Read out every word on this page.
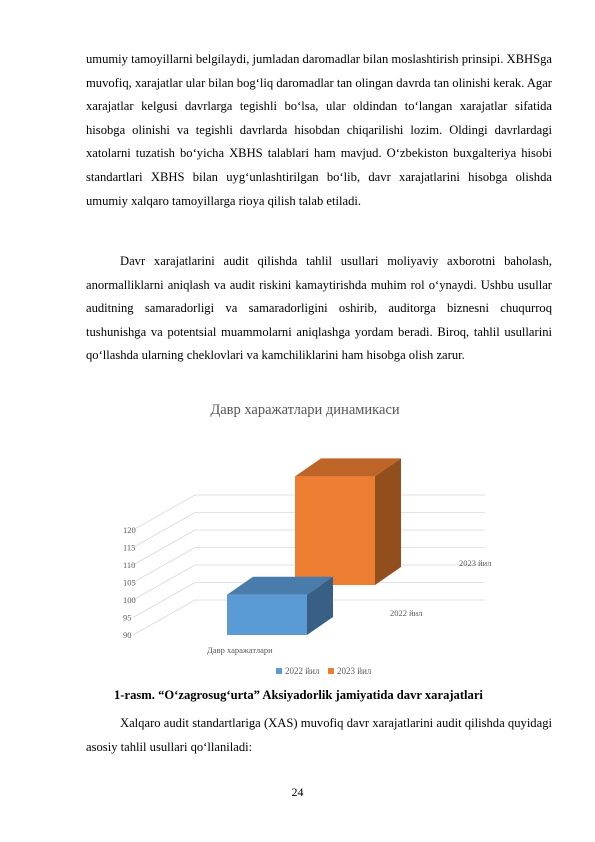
umumiy tamoyillarni belgilaydi, jumladan daromadlar bilan moslashtirish prinsipi. XBHSga muvofiq, xarajatlar ular bilan bog‘liq daromadlar tan olingan davrda tan olinishi kerak. Agar xarajatlar kelgusi davrlarga tegishli bo‘lsa, ular oldindan to‘langan xarajatlar sifatida hisobga olinishi va tegishli davrlarda hisobdan chiqarilishi lozim. Oldingi davrlardagi xatolarni tuzatish bo‘yicha XBHS talablari ham mavjud. O‘zbekiston buxgalteriya hisobi standartlari XBHS bilan uyg‘unlashtirilgan bo‘lib, davr xarajatlarini hisobga olishda umumiy xalqaro tamoyillarga rioya qilish talab etiladi.

Davr xarajatlarini audit qilishda tahlil usullari moliyaviy axborotni baholash, anormalliklarni aniqlash va audit riskini kamaytirishda muhim rol o‘ynaydi. Ushbu usullar auditning samaradorligi va samaradorligini oshirib, auditorga biznesni chuqurroq tushunishga va potentsial muammolarni aniqlashga yordam beradi. Biroq, tahlil usullarini qo‘llashda ularning cheklovlari va kamchiliklarini ham hisobga olish zarur.

Давр харажатлари динамикаси
90
95
100
105
110
115
120
Давр харажатлари
2022 йил
2023 йил
2022 йил 2023 йил

1-rasm. “O‘zagrosug‘urta” Aksiyadorlik jamiyatida davr xarajatlari

Xalqaro audit standartlariga (XAS) muvofiq davr xarajatlarini audit qilishda quyidagi asosiy tahlil usullari qo‘llaniladi:

24
